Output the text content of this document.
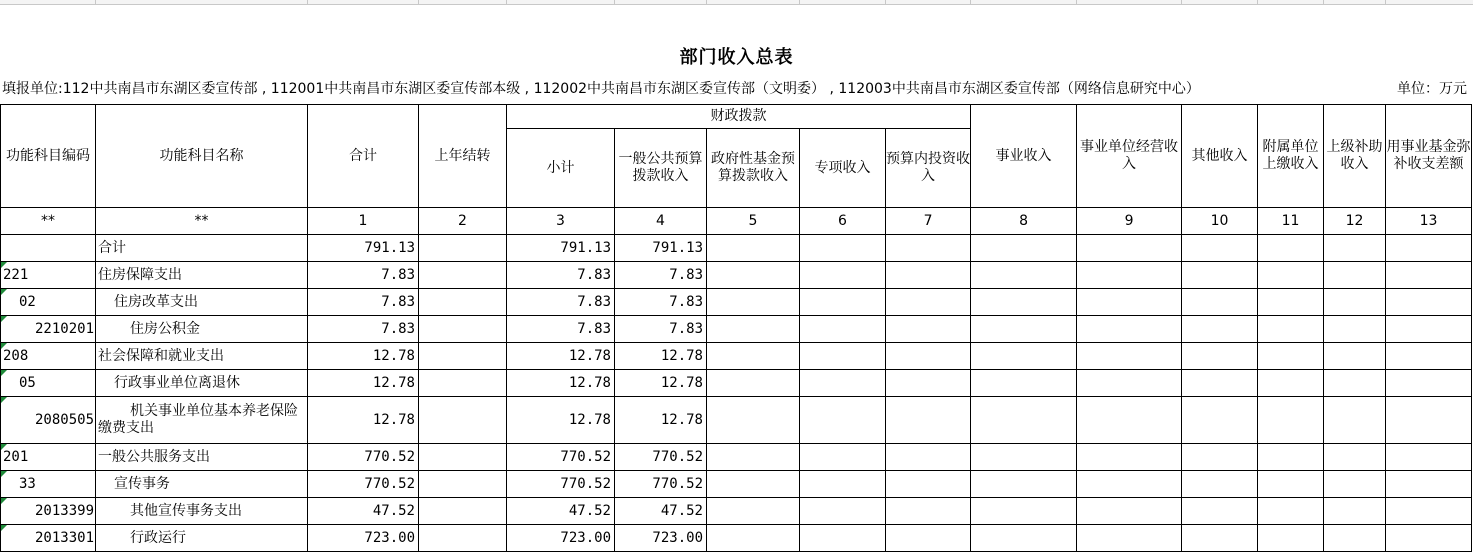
部门收入总表
填报单位:112中共南昌市东湖区委宣传部 , 112001中共南昌市东湖区委宣传部本级 , 112002中共南昌市东湖区委宣传部（文明委） , 112003中共南昌市东湖区委宣传部（网络信息研究中心）	单位：万元
功能科目编码	功能科目名称	合计	上年结转	财政拨款					事业收入	事业单位经营收入	其他收入	附属单位上缴收入	上级补助收入	用事业基金弥补收支差额
				小计	一般公共预算拨款收入	政府性基金预算拨款收入	专项收入	预算内投资收入						
**	**	1	2	3	4	5	6	7	8	9	10	11	12	13
	合计	791.13		791.13	791.13									

221	住房保障支出	7.83		7.83	7.83									

02	住房改革支出	7.83		7.83	7.83									

2210201	住房公积金	7.83		7.83	7.83									

208	社会保障和就业支出	12.78		12.78	12.78									

05	行政事业单位离退休	12.78		12.78	12.78									

2080505	机关事业单位基本养老保险缴费支出	12.78		12.78	12.78									

201	一般公共服务支出	770.52		770.52	770.52									

33	宣传事务	770.52		770.52	770.52									

2013399	其他宣传事务支出	47.52		47.52	47.52									

2013301	行政运行	723.00		723.00	723.00									
